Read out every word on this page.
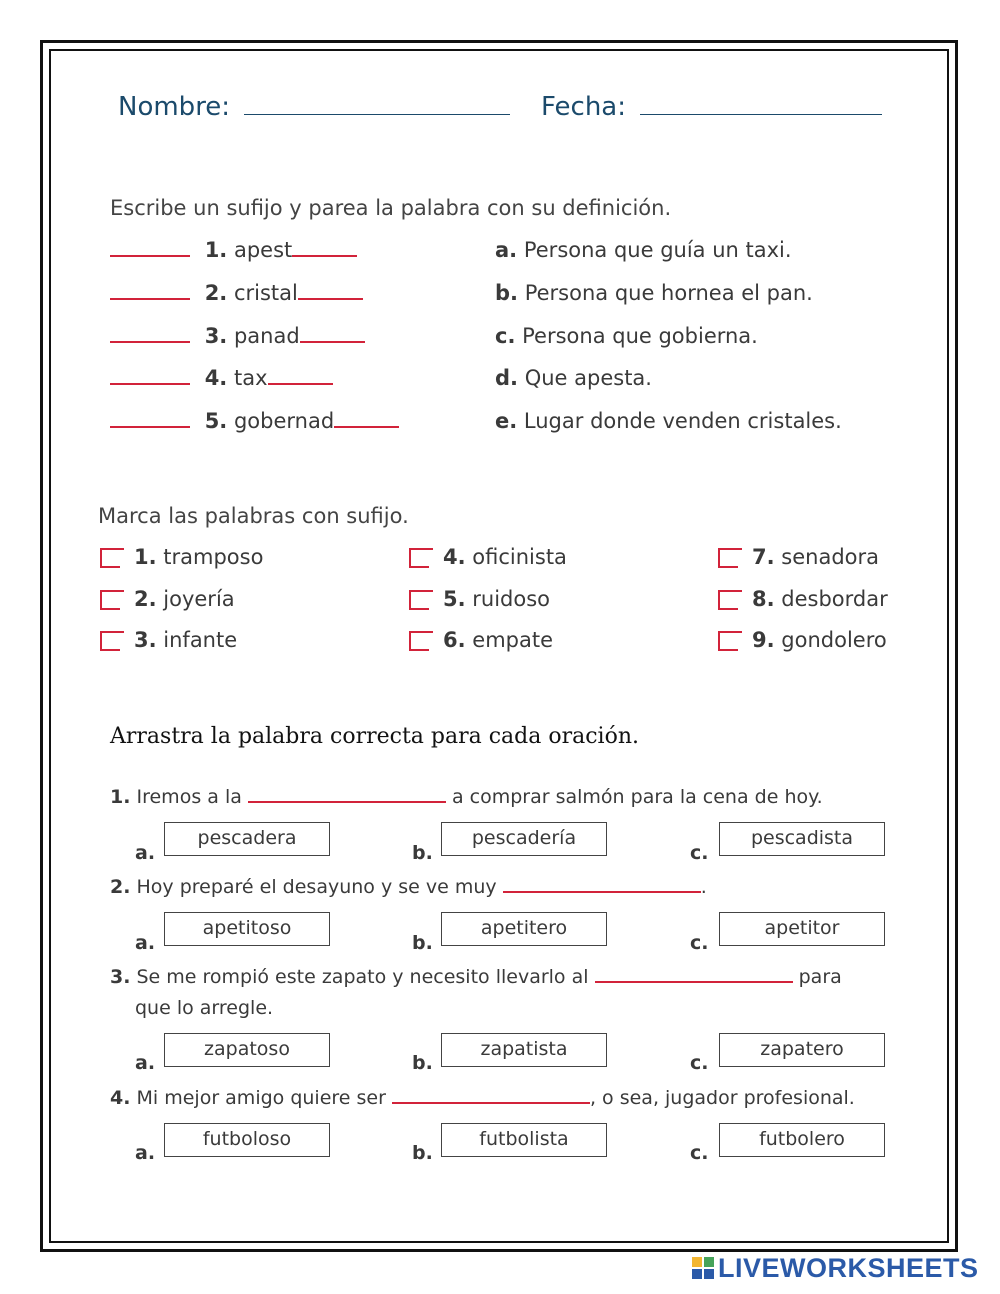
Nombre:	Fecha:
Escribe un sufijo y parea la palabra con su definición.
1. apest
2. cristal
3. panad
4. tax
5. gobernad
a. Persona que guía un taxi.
b. Persona que hornea el pan.
c. Persona que gobierna.
d. Que apesta.
e. Lugar donde venden cristales.
Marca las palabras con sufijo.
1. tramposo
2. joyería
3. infante
4. oficinista
5. ruidoso
6. empate
7. senadora
8. desbordar
9. gondolero
Arrastra la palabra correcta para cada oración.
1. Iremos a la	a comprar salmón para la cena de hoy.
a.
pescadera
b.
pescadería
c.
pescadista
2. Hoy preparé el desayuno y se ve muy	.
a.
apetitoso
b.
apetitero
c.
apetitor
3. Se me rompió este zapato y necesito llevarlo al	para
que lo arregle.
a.
zapatoso
b.
zapatista
c.
zapatero
4. Mi mejor amigo quiere ser	, o sea, jugador profesional.
a.
futboloso
b.
futbolista
c.
futbolero
LIVEWORKSHEETS
